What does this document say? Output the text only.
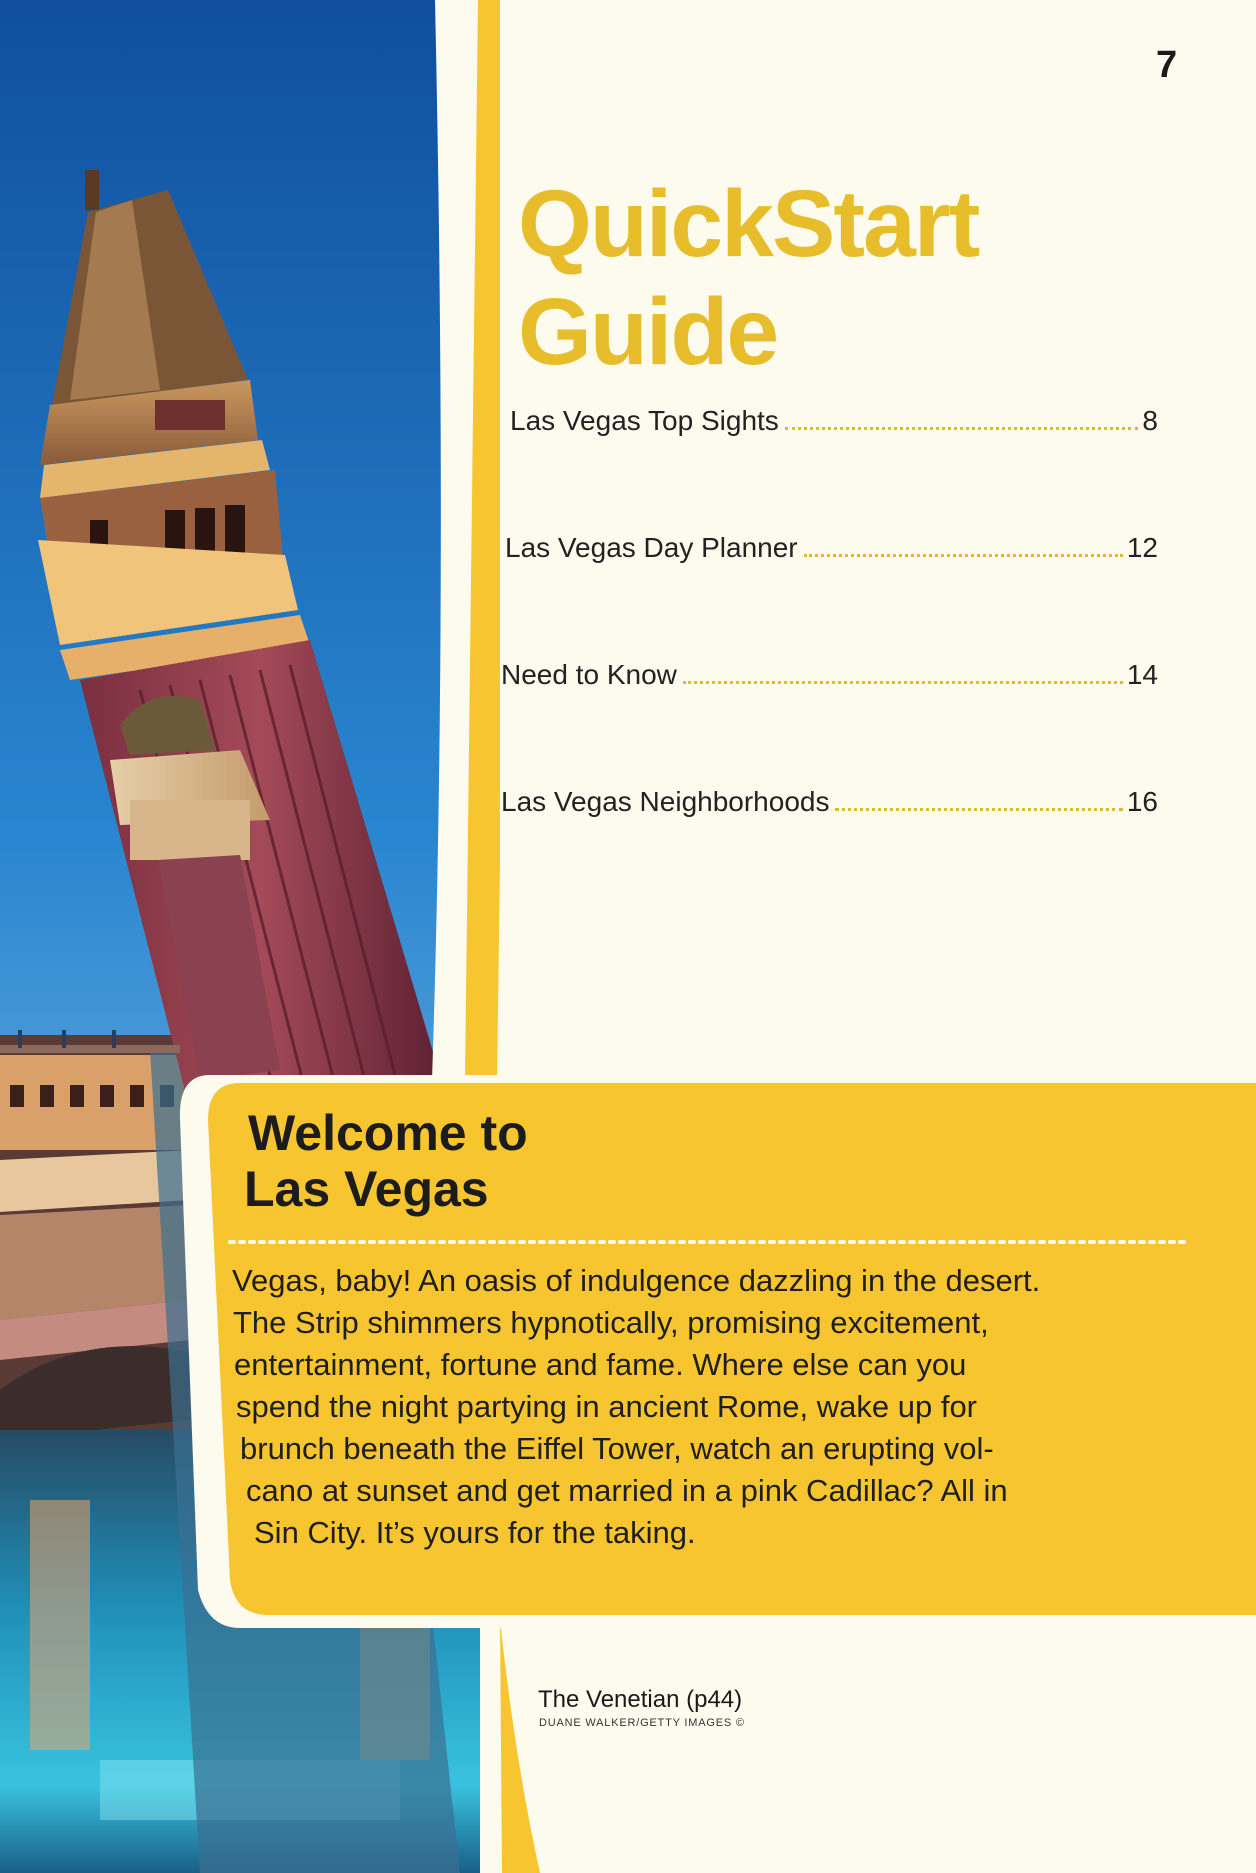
7
QuickStart
Guide
Las Vegas Top Sights	8
Las Vegas Day Planner	12
Need to Know	14
Las Vegas Neighborhoods	16
Welcome to
Las Vegas
Vegas, baby! An oasis of indulgence dazzling in the desert.
The Strip shimmers hypnotically, promising excitement,
entertainment, fortune and fame. Where else can you
spend the night partying in ancient Rome, wake up for
brunch beneath the Eiffel Tower, watch an erupting vol-
cano at sunset and get married in a pink Cadillac? All in
Sin City. It’s yours for the taking.
The Venetian (p44)
DUANE WALKER/GETTY IMAGES ©
